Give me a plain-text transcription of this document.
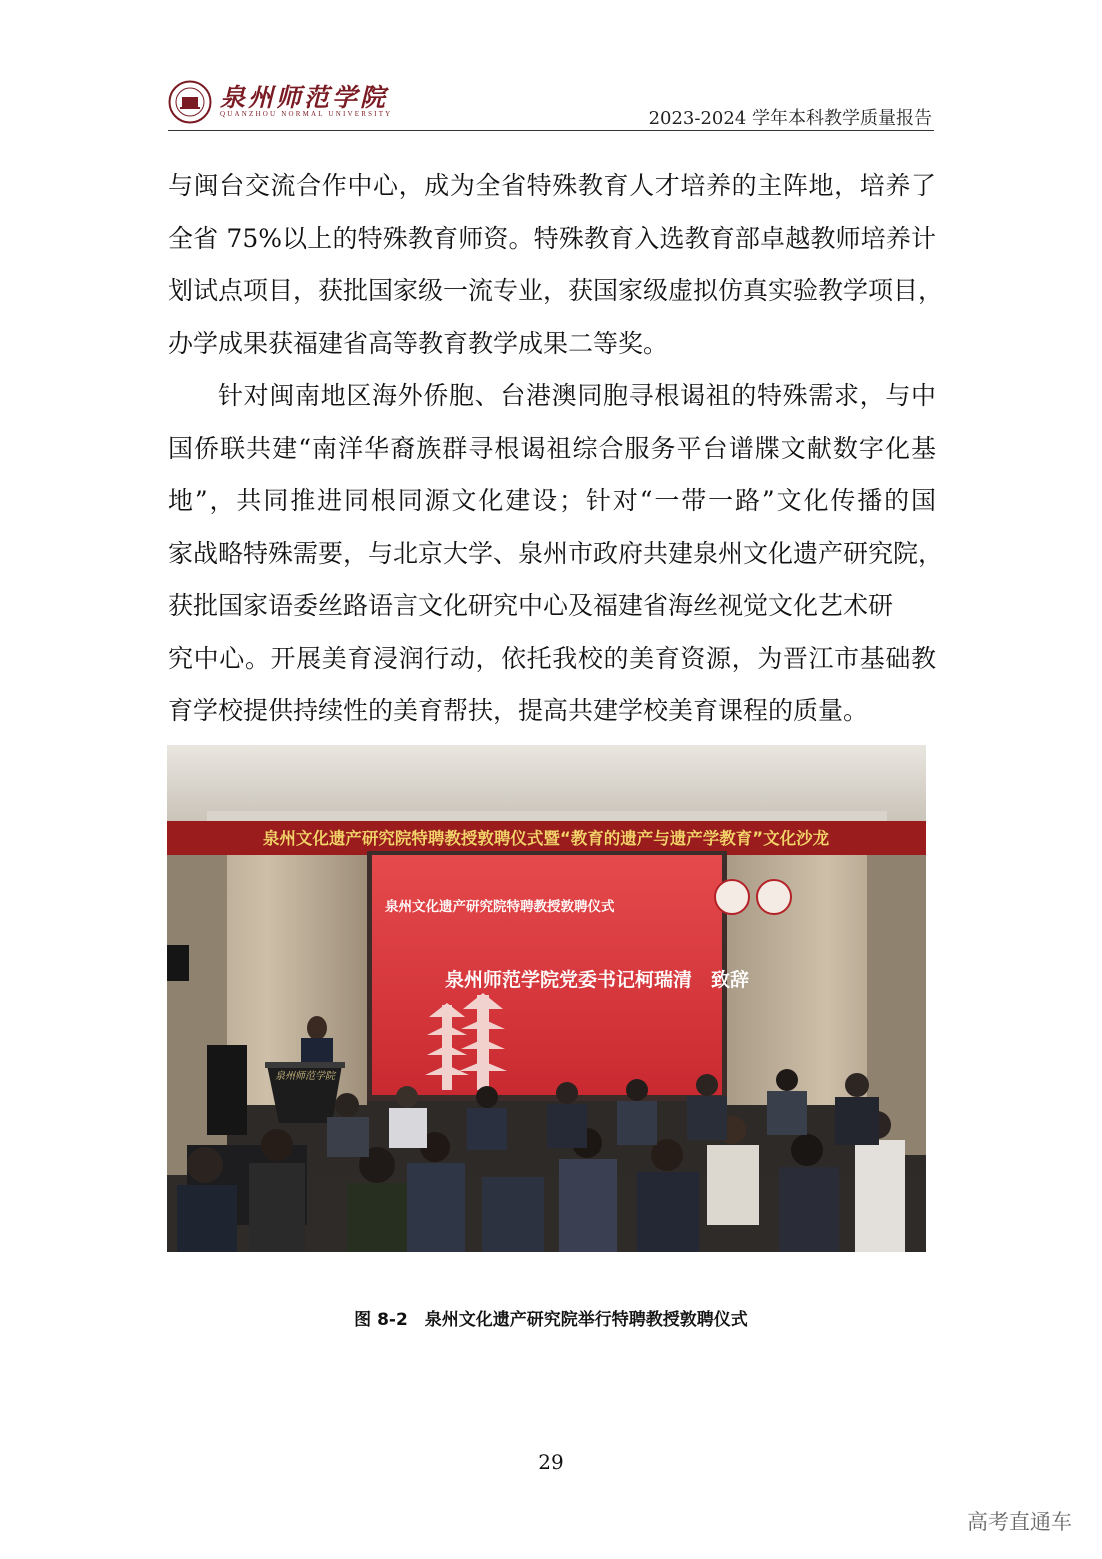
泉州师范学院
QUANZHOU NORMAL UNIVERSITY	2023-2024 学年本科教学质量报告
与闽台交流合作中心，成为全省特殊教育人才培养的主阵地，培养了
全省 75%以上的特殊教育师资。特殊教育入选教育部卓越教师培养计
划试点项目，获批国家级一流专业，获国家级虚拟仿真实验教学项目，
办学成果获福建省高等教育教学成果二等奖。
针对闽南地区海外侨胞、台港澳同胞寻根谒祖的特殊需求，与中
国侨联共建“南洋华裔族群寻根谒祖综合服务平台谱牒文献数字化基
地”，共同推进同根同源文化建设；针对“一带一路”文化传播的国
家战略特殊需要，与北京大学、泉州市政府共建泉州文化遗产研究院，
获批国家语委丝路语言文化研究中心及福建省海丝视觉文化艺术研
究中心。开展美育浸润行动，依托我校的美育资源，为晋江市基础教
育学校提供持续性的美育帮扶，提高共建学校美育课程的质量。
泉州文化遗产研究院特聘教授敦聘仪式暨“教育的遗产与遗产学教育”文化沙龙
泉州文化遗产研究院特聘教授敦聘仪式
泉州师范学院党委书记柯瑞清　致辞
泉州师范学院
图 8-2　泉州文化遗产研究院举行特聘教授敦聘仪式
29
高考直通车
